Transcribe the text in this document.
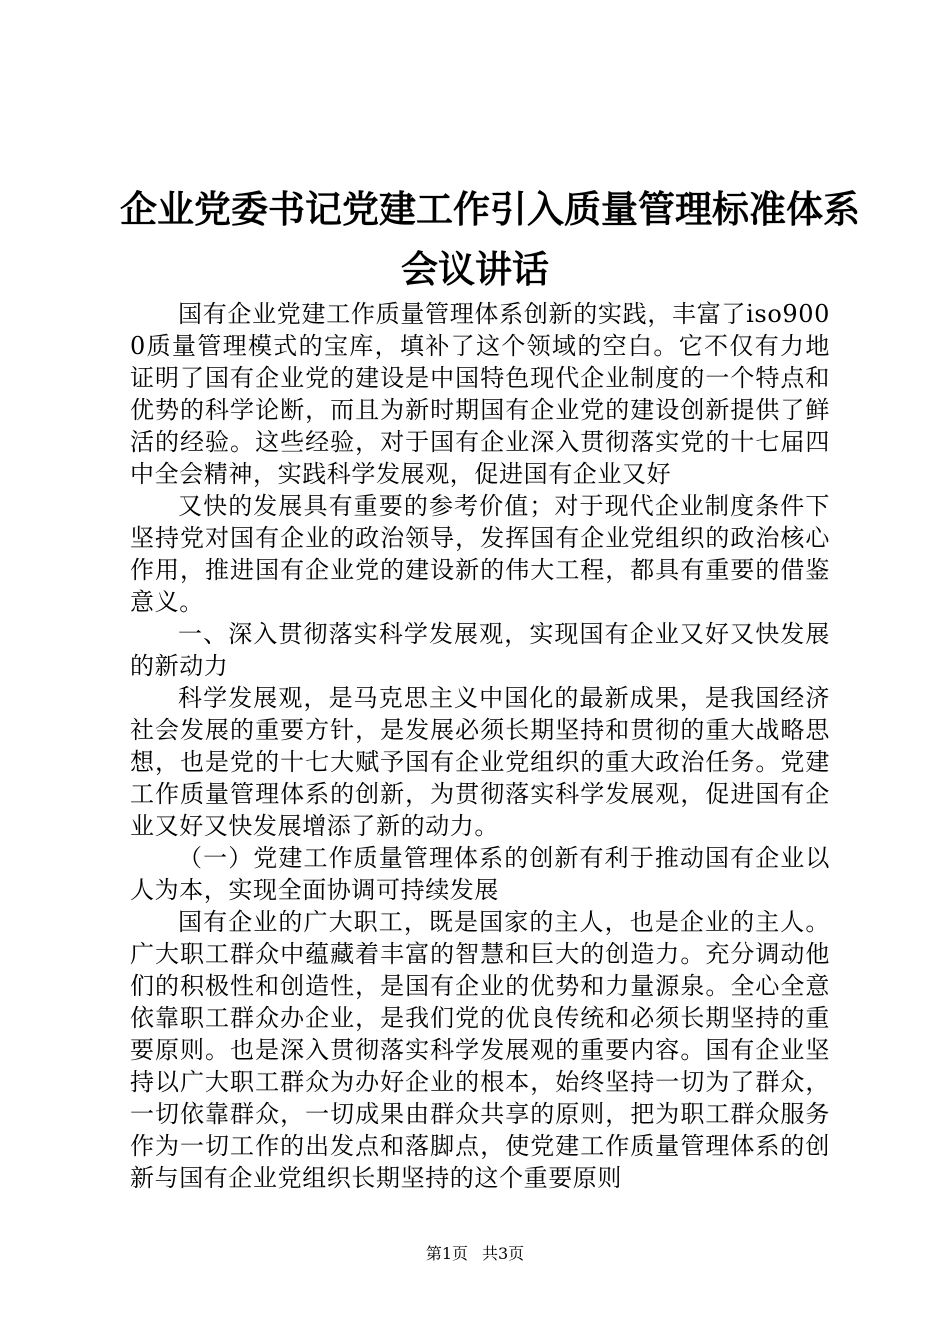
企业党委书记党建工作引入质量管理标准体系
会议讲话

国有企业党建工作质量管理体系创新的实践，丰富了iso9000质量管理模式的宝库，填补了这个领域的空白。它不仅有力地证明了国有企业党的建设是中国特色现代企业制度的一个特点和优势的科学论断，而且为新时期国有企业党的建设创新提供了鲜活的经验。这些经验，对于国有企业深入贯彻落实党的十七届四中全会精神，实践科学发展观，促进国有企业又好

又快的发展具有重要的参考价值；对于现代企业制度条件下坚持党对国有企业的政治领导，发挥国有企业党组织的政治核心作用，推进国有企业党的建设新的伟大工程，都具有重要的借鉴意义。

一、深入贯彻落实科学发展观，实现国有企业又好又快发展的新动力

科学发展观，是马克思主义中国化的最新成果，是我国经济社会发展的重要方针，是发展必须长期坚持和贯彻的重大战略思想，也是党的十七大赋予国有企业党组织的重大政治任务。党建工作质量管理体系的创新，为贯彻落实科学发展观，促进国有企业又好又快发展增添了新的动力。

（一）党建工作质量管理体系的创新有利于推动国有企业以人为本，实现全面协调可持续发展

国有企业的广大职工，既是国家的主人，也是企业的主人。广大职工群众中蕴藏着丰富的智慧和巨大的创造力。充分调动他们的积极性和创造性，是国有企业的优势和力量源泉。全心全意依靠职工群众办企业，是我们党的优良传统和必须长期坚持的重要原则。也是深入贯彻落实科学发展观的重要内容。国有企业坚持以广大职工群众为办好企业的根本，始终坚持一切为了群众，一切依靠群众，一切成果由群众共享的原则，把为职工群众服务作为一切工作的出发点和落脚点，使党建工作质量管理体系的创新与国有企业党组织长期坚持的这个重要原则

第1页 共3页
